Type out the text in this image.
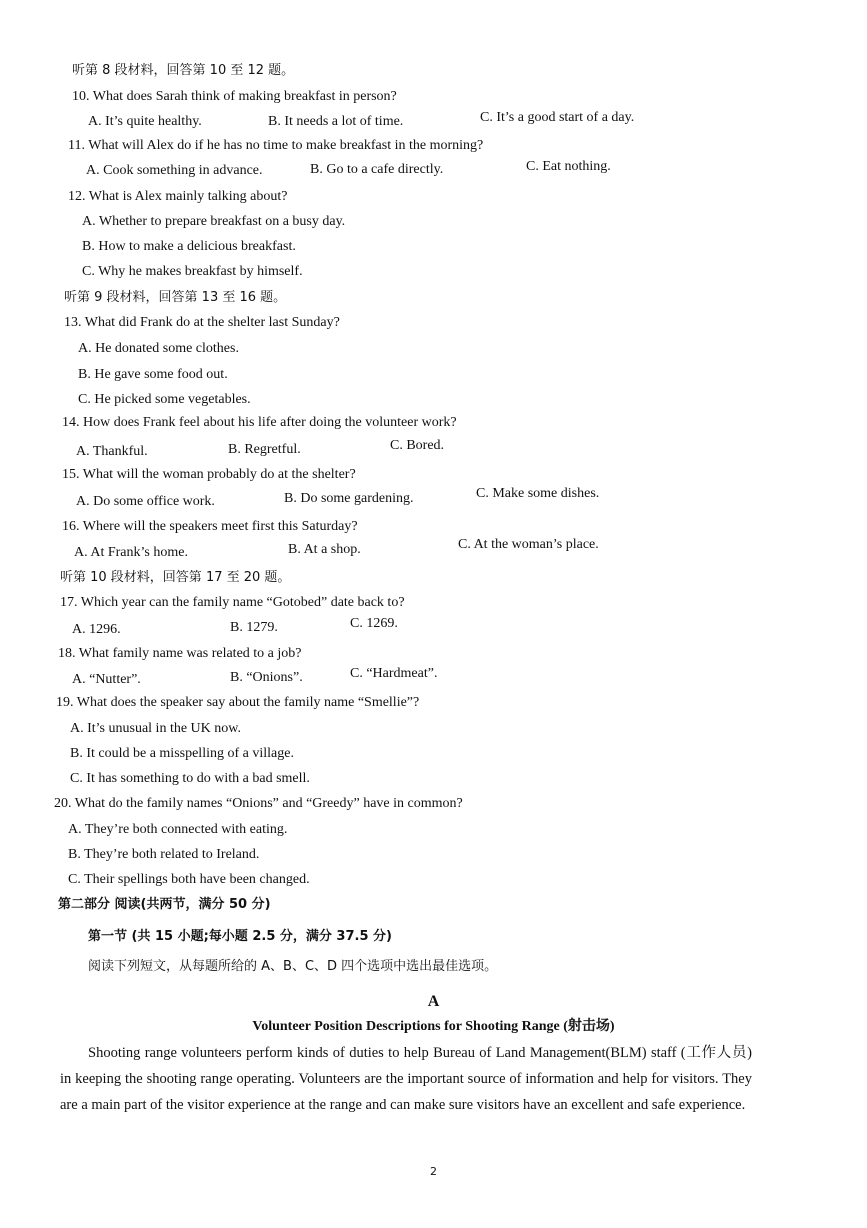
听第 8 段材料，回答第 10 至 12 题。
10. What does Sarah think of making breakfast in person?
A. It’s quite healthy.	B. It needs a lot of time.	C. It’s a good start of a day.
11. What will Alex do if he has no time to make breakfast in the morning?
A. Cook something in advance.	B. Go to a cafe directly.	C. Eat nothing.
12. What is Alex mainly talking about?
A. Whether to prepare breakfast on a busy day.
B. How to make a delicious breakfast.
C. Why he makes breakfast by himself.
听第 9 段材料，回答第 13 至 16 题。
13. What did Frank do at the shelter last Sunday?
A. He donated some clothes.
B. He gave some food out.
C. He picked some vegetables.
14. How does Frank feel about his life after doing the volunteer work?
A. Thankful.	B. Regretful.	C. Bored.
15. What will the woman probably do at the shelter?
A. Do some office work.	B. Do some gardening.	C. Make some dishes.
16. Where will the speakers meet first this Saturday?
A. At Frank’s home.	B. At a shop.	C. At the woman’s place.
听第 10 段材料，回答第 17 至 20 题。
17. Which year can the family name “Gotobed” date back to?
A. 1296.	B. 1279.	C. 1269.
18. What family name was related to a job?
A. “Nutter”.	B. “Onions”.	C. “Hardmeat”.
19. What does the speaker say about the family name “Smellie”?
A. It’s unusual in the UK now.
B. It could be a misspelling of a village.
C. It has something to do with a bad smell.
20. What do the family names “Onions” and “Greedy” have in common?
A. They’re both connected with eating.
B. They’re both related to Ireland.
C. Their spellings both have been changed.
第二部分 阅读(共两节，满分 50 分)
第一节 (共 15 小题;每小题 2.5 分，满分 37.5 分)
阅读下列短文，从每题所给的 A、B、C、D 四个选项中选出最佳选项。
A
Volunteer Position Descriptions for Shooting Range (射击场)
Shooting range volunteers perform kinds of duties to help Bureau of Land Management(BLM) staff (工作人员) in keeping the shooting range operating. Volunteers are the important source of information and help for visitors. They are a main part of the visitor experience at the range and can make sure visitors have an excellent and safe experience.
2
